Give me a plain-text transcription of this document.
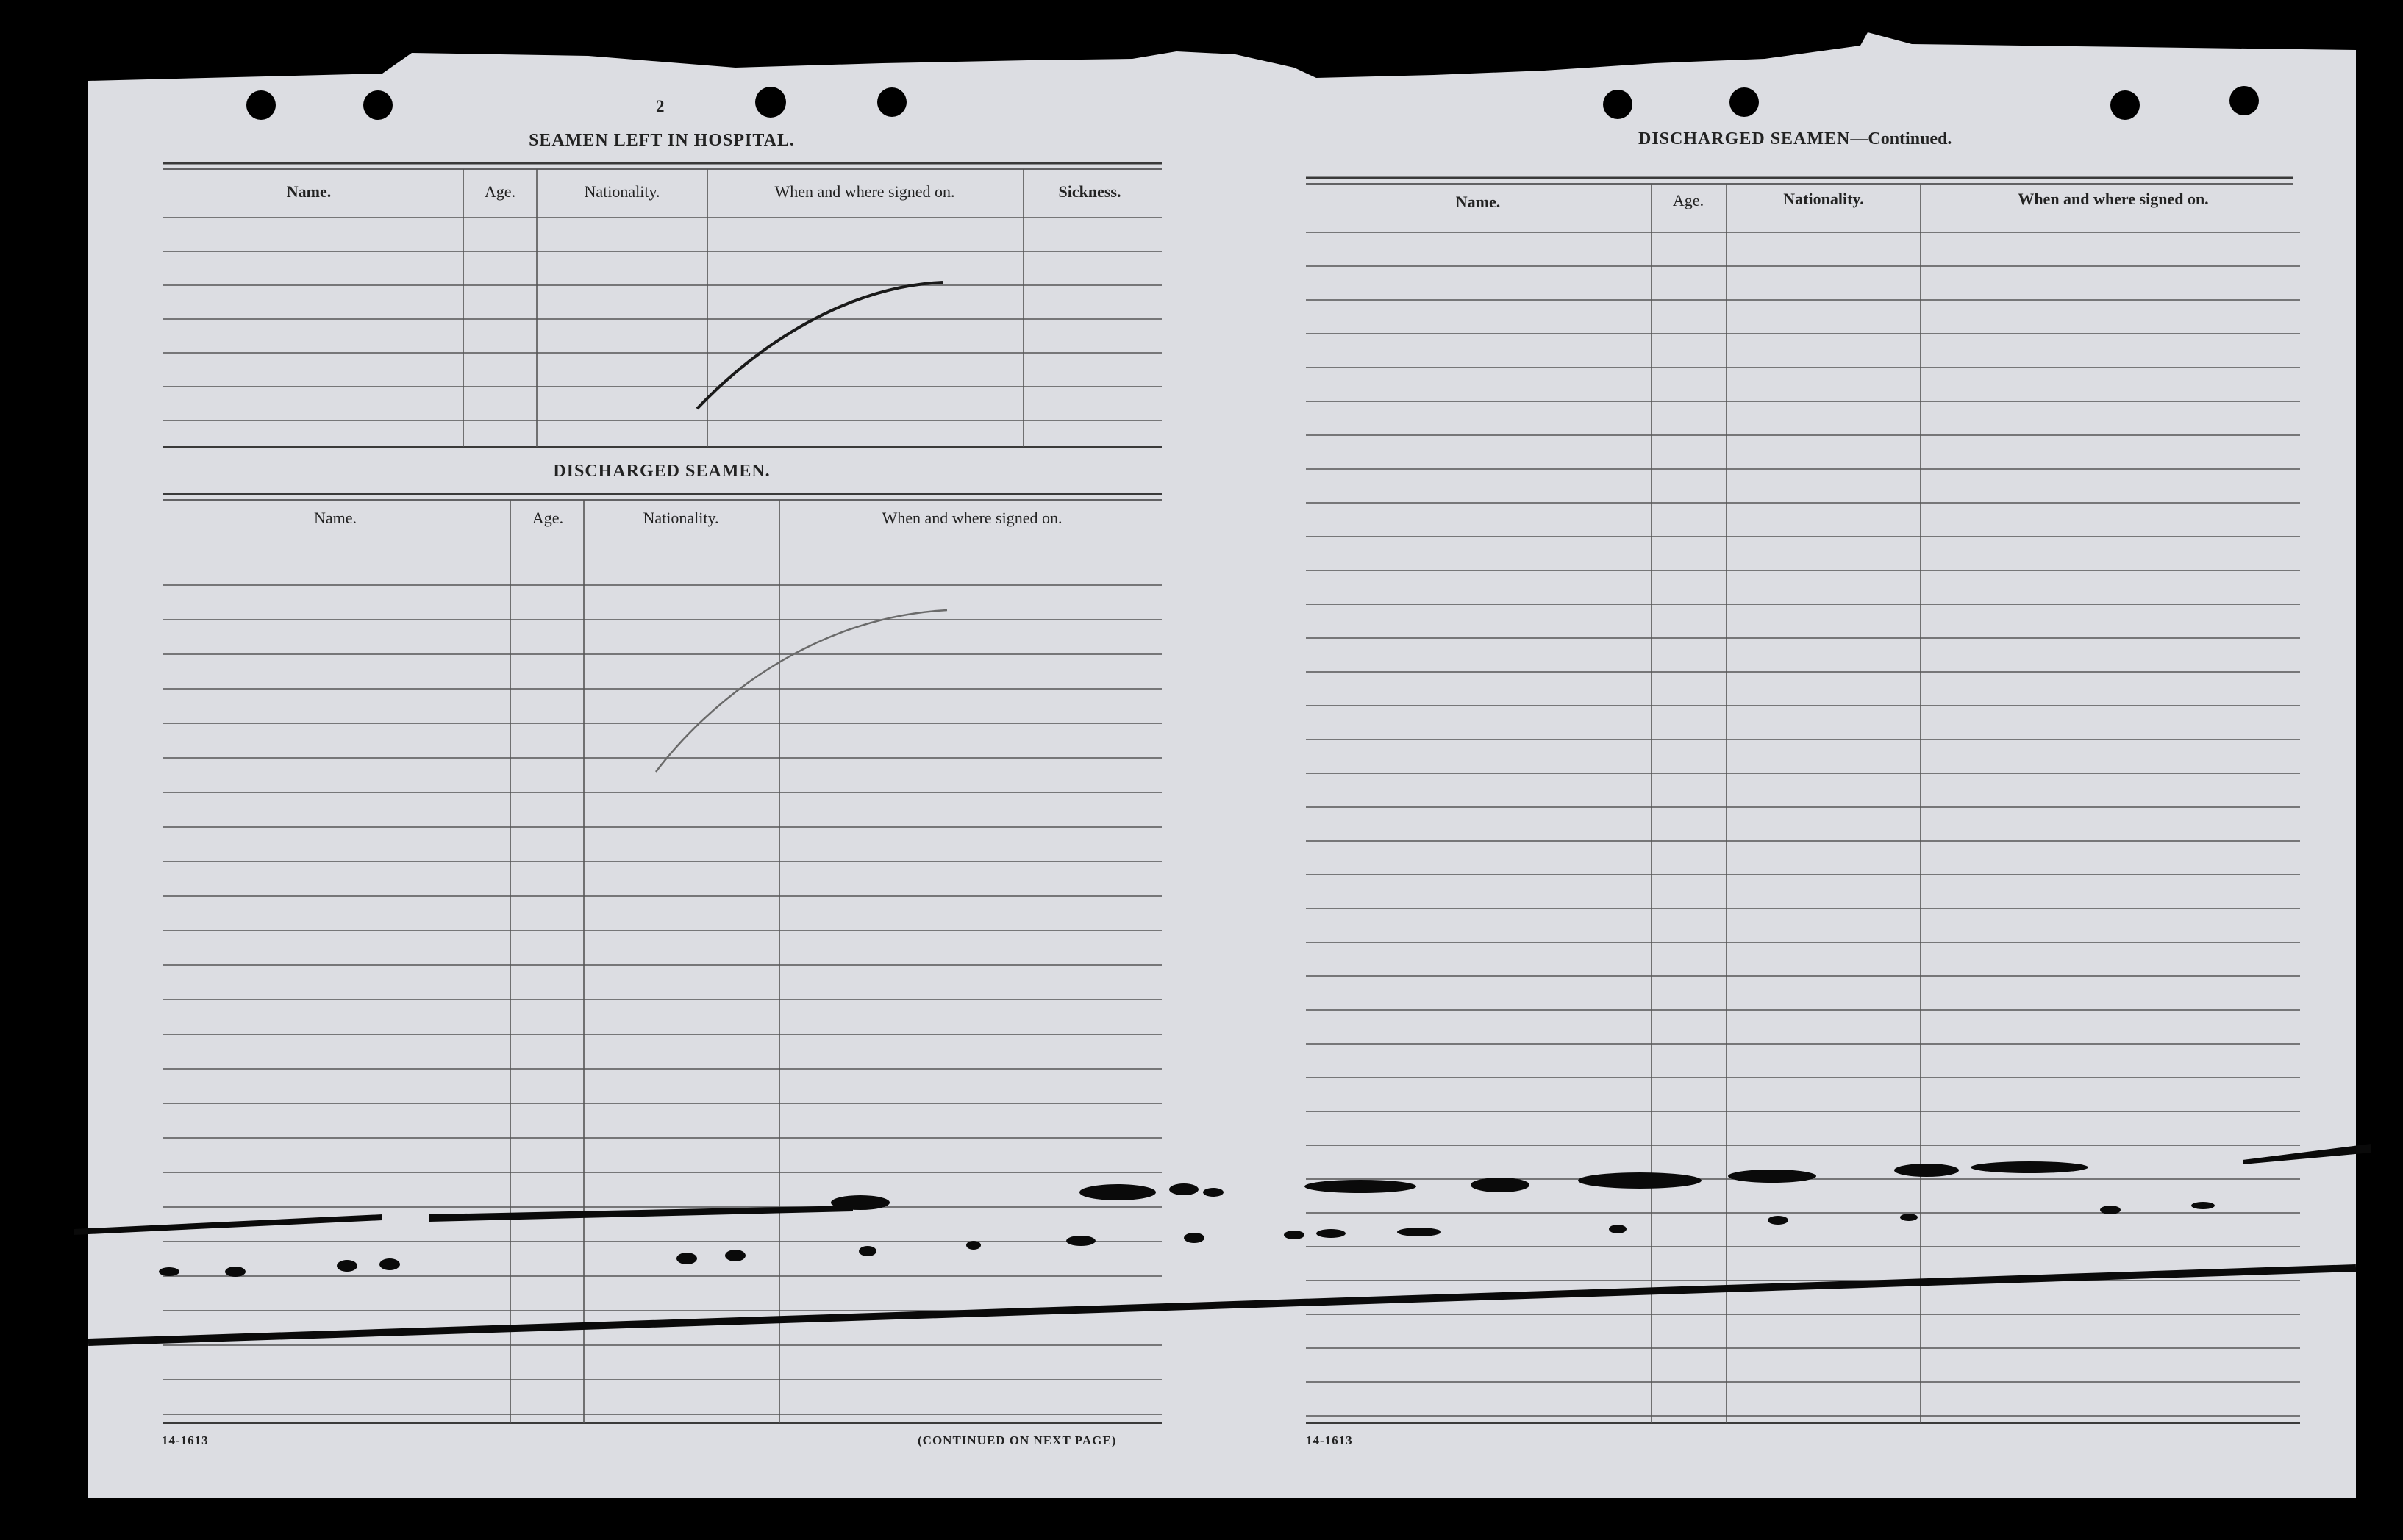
2
SEAMEN LEFT IN HOSPITAL.
Name.	Age.	Nationality.	When and where signed on.	Sickness.
DISCHARGED SEAMEN.
Name.	Age.	Nationality.	When and where signed on.
14-1613	(CONTINUED ON NEXT PAGE)
DISCHARGED SEAMEN—Continued.
Name.	Age.	Nationality.	When and where signed on.
14-1613
